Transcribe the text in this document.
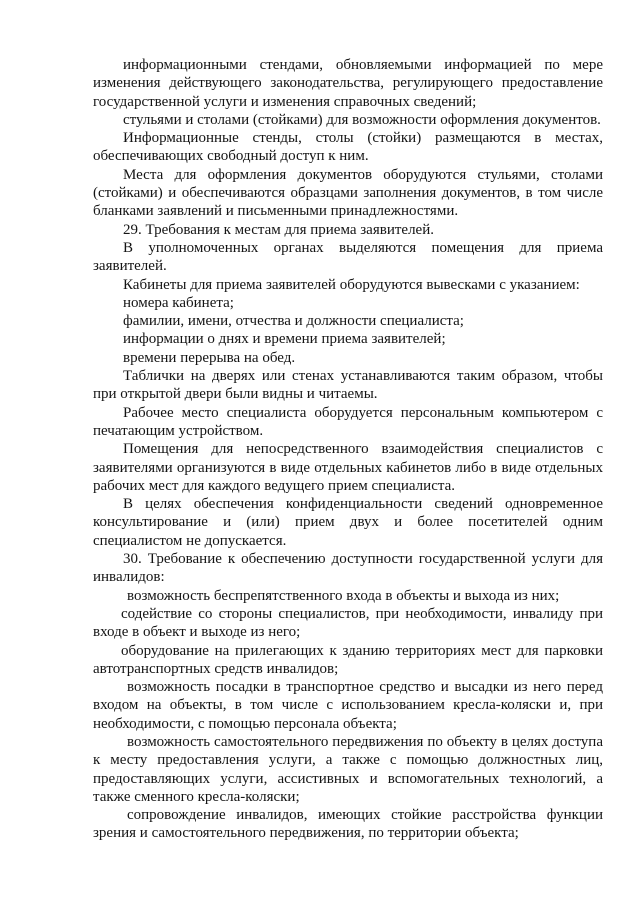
информационными стендами, обновляемыми информацией по мере изменения действующего законодательства, регулирующего предоставление государственной услуги и изменения справочных сведений;

стульями и столами (стойками) для возможности оформления документов.

Информационные стенды, столы (стойки) размещаются в местах, обеспечивающих свободный доступ к ним.

Места для оформления документов оборудуются стульями, столами (стойками) и обеспечиваются образцами заполнения документов, в том числе бланками заявлений и письменными принадлежностями.

29. Требования к местам для приема заявителей.

В уполномоченных органах выделяются помещения для приема заявителей.

Кабинеты для приема заявителей оборудуются вывесками с указанием:

номера кабинета;

фамилии, имени, отчества и должности специалиста;

информации о днях и времени приема заявителей;

времени перерыва на обед.

Таблички на дверях или стенах устанавливаются таким образом, чтобы при открытой двери были видны и читаемы.

Рабочее место специалиста оборудуется персональным компьютером с печатающим устройством.

Помещения для непосредственного взаимодействия специалистов с заявителями организуются в виде отдельных кабинетов либо в виде отдельных рабочих мест для каждого ведущего прием специалиста.

В целях обеспечения конфиденциальности сведений одновременное консультирование и (или) прием двух и более посетителей одним специалистом не допускается.

30. Требование к обеспечению доступности государственной услуги для инвалидов:

возможность беспрепятственного входа в объекты и выхода из них;

содействие со стороны специалистов, при необходимости, инвалиду при входе в объект и выходе из него;

оборудование на прилегающих к зданию территориях мест для парковки автотранспортных средств инвалидов;

возможность посадки в транспортное средство и высадки из него перед входом на объекты, в том числе с использованием кресла-коляски и, при необходимости, с помощью персонала объекта;

возможность самостоятельного передвижения по объекту в целях доступа к месту предоставления услуги, а также с помощью должностных лиц, предоставляющих услуги, ассистивных и вспомогательных технологий, а также сменного кресла-коляски;

сопровождение инвалидов, имеющих стойкие расстройства функции зрения и самостоятельного передвижения, по территории объекта;
